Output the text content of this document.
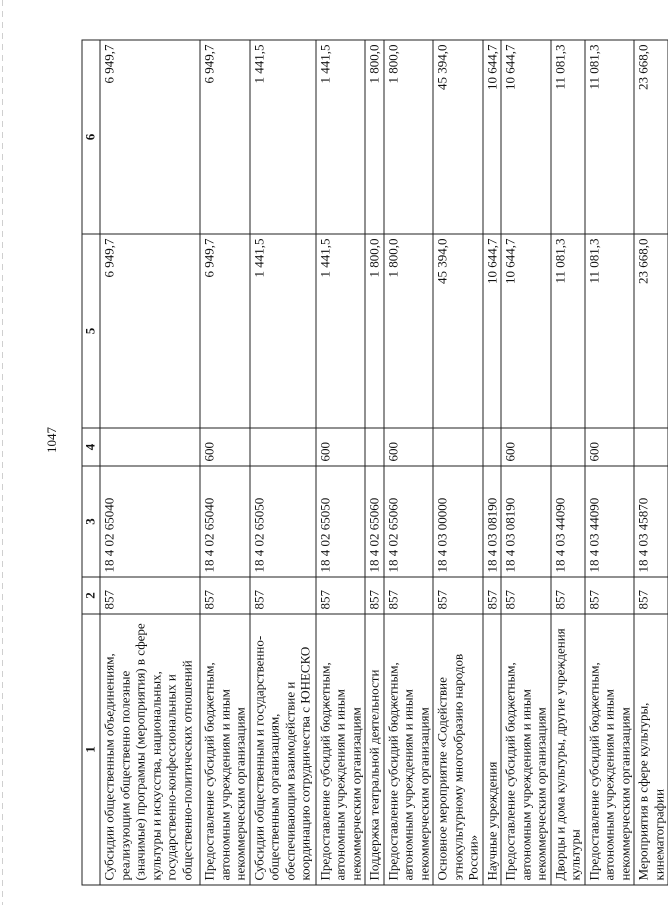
1047
1	2	3	4	5	6
Субсидии общественным объединениям, реализующим общественно полезные (значимые) программы (мероприятия) в сфере культуры и искусства, национальных, государственно-конфессиональных и общественно-политических отношений	857	18 4 02 65040		6 949,7	6 949,7
Предоставление субсидий бюджетным, автономным учреждениям и иным некоммерческим организациям	857	18 4 02 65040	600	6 949,7	6 949,7
Субсидии общественным и государственно-общественным организациям, обеспечивающим взаимодействие и координацию сотрудничества с ЮНЕСКО	857	18 4 02 65050		1 441,5	1 441,5
Предоставление субсидий бюджетным, автономным учреждениям и иным некоммерческим организациям	857	18 4 02 65050	600	1 441,5	1 441,5
Поддержка театральной деятельности	857	18 4 02 65060		1 800,0	1 800,0
Предоставление субсидий бюджетным, автономным учреждениям и иным некоммерческим организациям	857	18 4 02 65060	600	1 800,0	1 800,0
Основное мероприятие «Содействие этнокультурному многообразию народов России»	857	18 4 03 00000		45 394,0	45 394,0
Научные учреждения	857	18 4 03 08190		10 644,7	10 644,7
Предоставление субсидий бюджетным, автономным учреждениям и иным некоммерческим организациям	857	18 4 03 08190	600	10 644,7	10 644,7
Дворцы и дома культуры, другие учреждения культуры	857	18 4 03 44090		11 081,3	11 081,3
Предоставление субсидий бюджетным, автономным учреждениям и иным некоммерческим организациям	857	18 4 03 44090	600	11 081,3	11 081,3
Мероприятия в сфере культуры, кинематографии	857	18 4 03 45870		23 668,0	23 668,0
